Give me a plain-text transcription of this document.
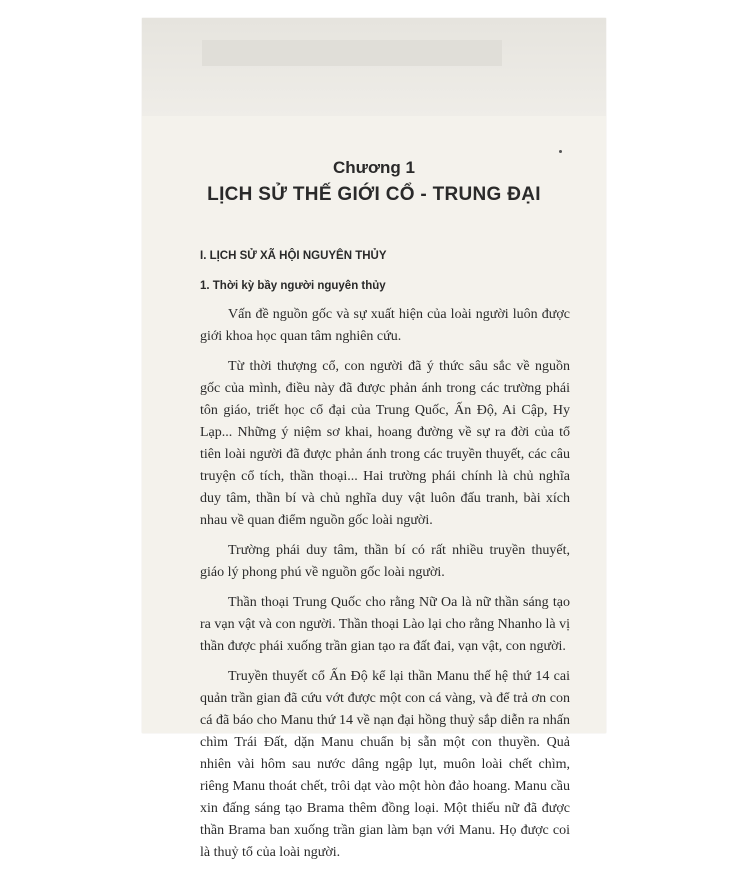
Chương 1
LỊCH SỬ THẾ GIỚI CỔ - TRUNG ĐẠI
I. LỊCH SỬ XÃ HỘI NGUYÊN THỦY
1. Thời kỳ bầy người nguyên thủy

Vấn đề nguồn gốc và sự xuất hiện của loài người luôn được giới khoa học quan tâm nghiên cứu.

Từ thời thượng cổ, con người đã ý thức sâu sắc về nguồn gốc của mình, điều này đã được phản ánh trong các trường phái tôn giáo, triết học cổ đại của Trung Quốc, Ấn Độ, Ai Cập, Hy Lạp... Những ý niệm sơ khai, hoang đường về sự ra đời của tổ tiên loài người đã được phản ánh trong các truyền thuyết, các câu truyện cổ tích, thần thoại... Hai trường phái chính là chủ nghĩa duy tâm, thần bí và chủ nghĩa duy vật luôn đấu tranh, bài xích nhau về quan điểm nguồn gốc loài người.

Trường phái duy tâm, thần bí có rất nhiều truyền thuyết, giáo lý phong phú về nguồn gốc loài người.

Thần thoại Trung Quốc cho rằng Nữ Oa là nữ thần sáng tạo ra vạn vật và con người. Thần thoại Lào lại cho rằng Nhanho là vị thần được phái xuống trần gian tạo ra đất đai, vạn vật, con người.

Truyền thuyết cổ Ấn Độ kể lại thần Manu thế hệ thứ 14 cai quản trần gian đã cứu vớt được một con cá vàng, và để trả ơn con cá đã báo cho Manu thứ 14 về nạn đại hồng thuỷ sắp diễn ra nhấn chìm Trái Đất, dặn Manu chuẩn bị sẵn một con thuyền. Quả nhiên vài hôm sau nước dâng ngập lụt, muôn loài chết chìm, riêng Manu thoát chết, trôi dạt vào một hòn đảo hoang. Manu cầu xin đấng sáng tạo Brama thêm đồng loại. Một thiếu nữ đã được thần Brama ban xuống trần gian làm bạn với Manu. Họ được coi là thuỷ tổ của loài người.
